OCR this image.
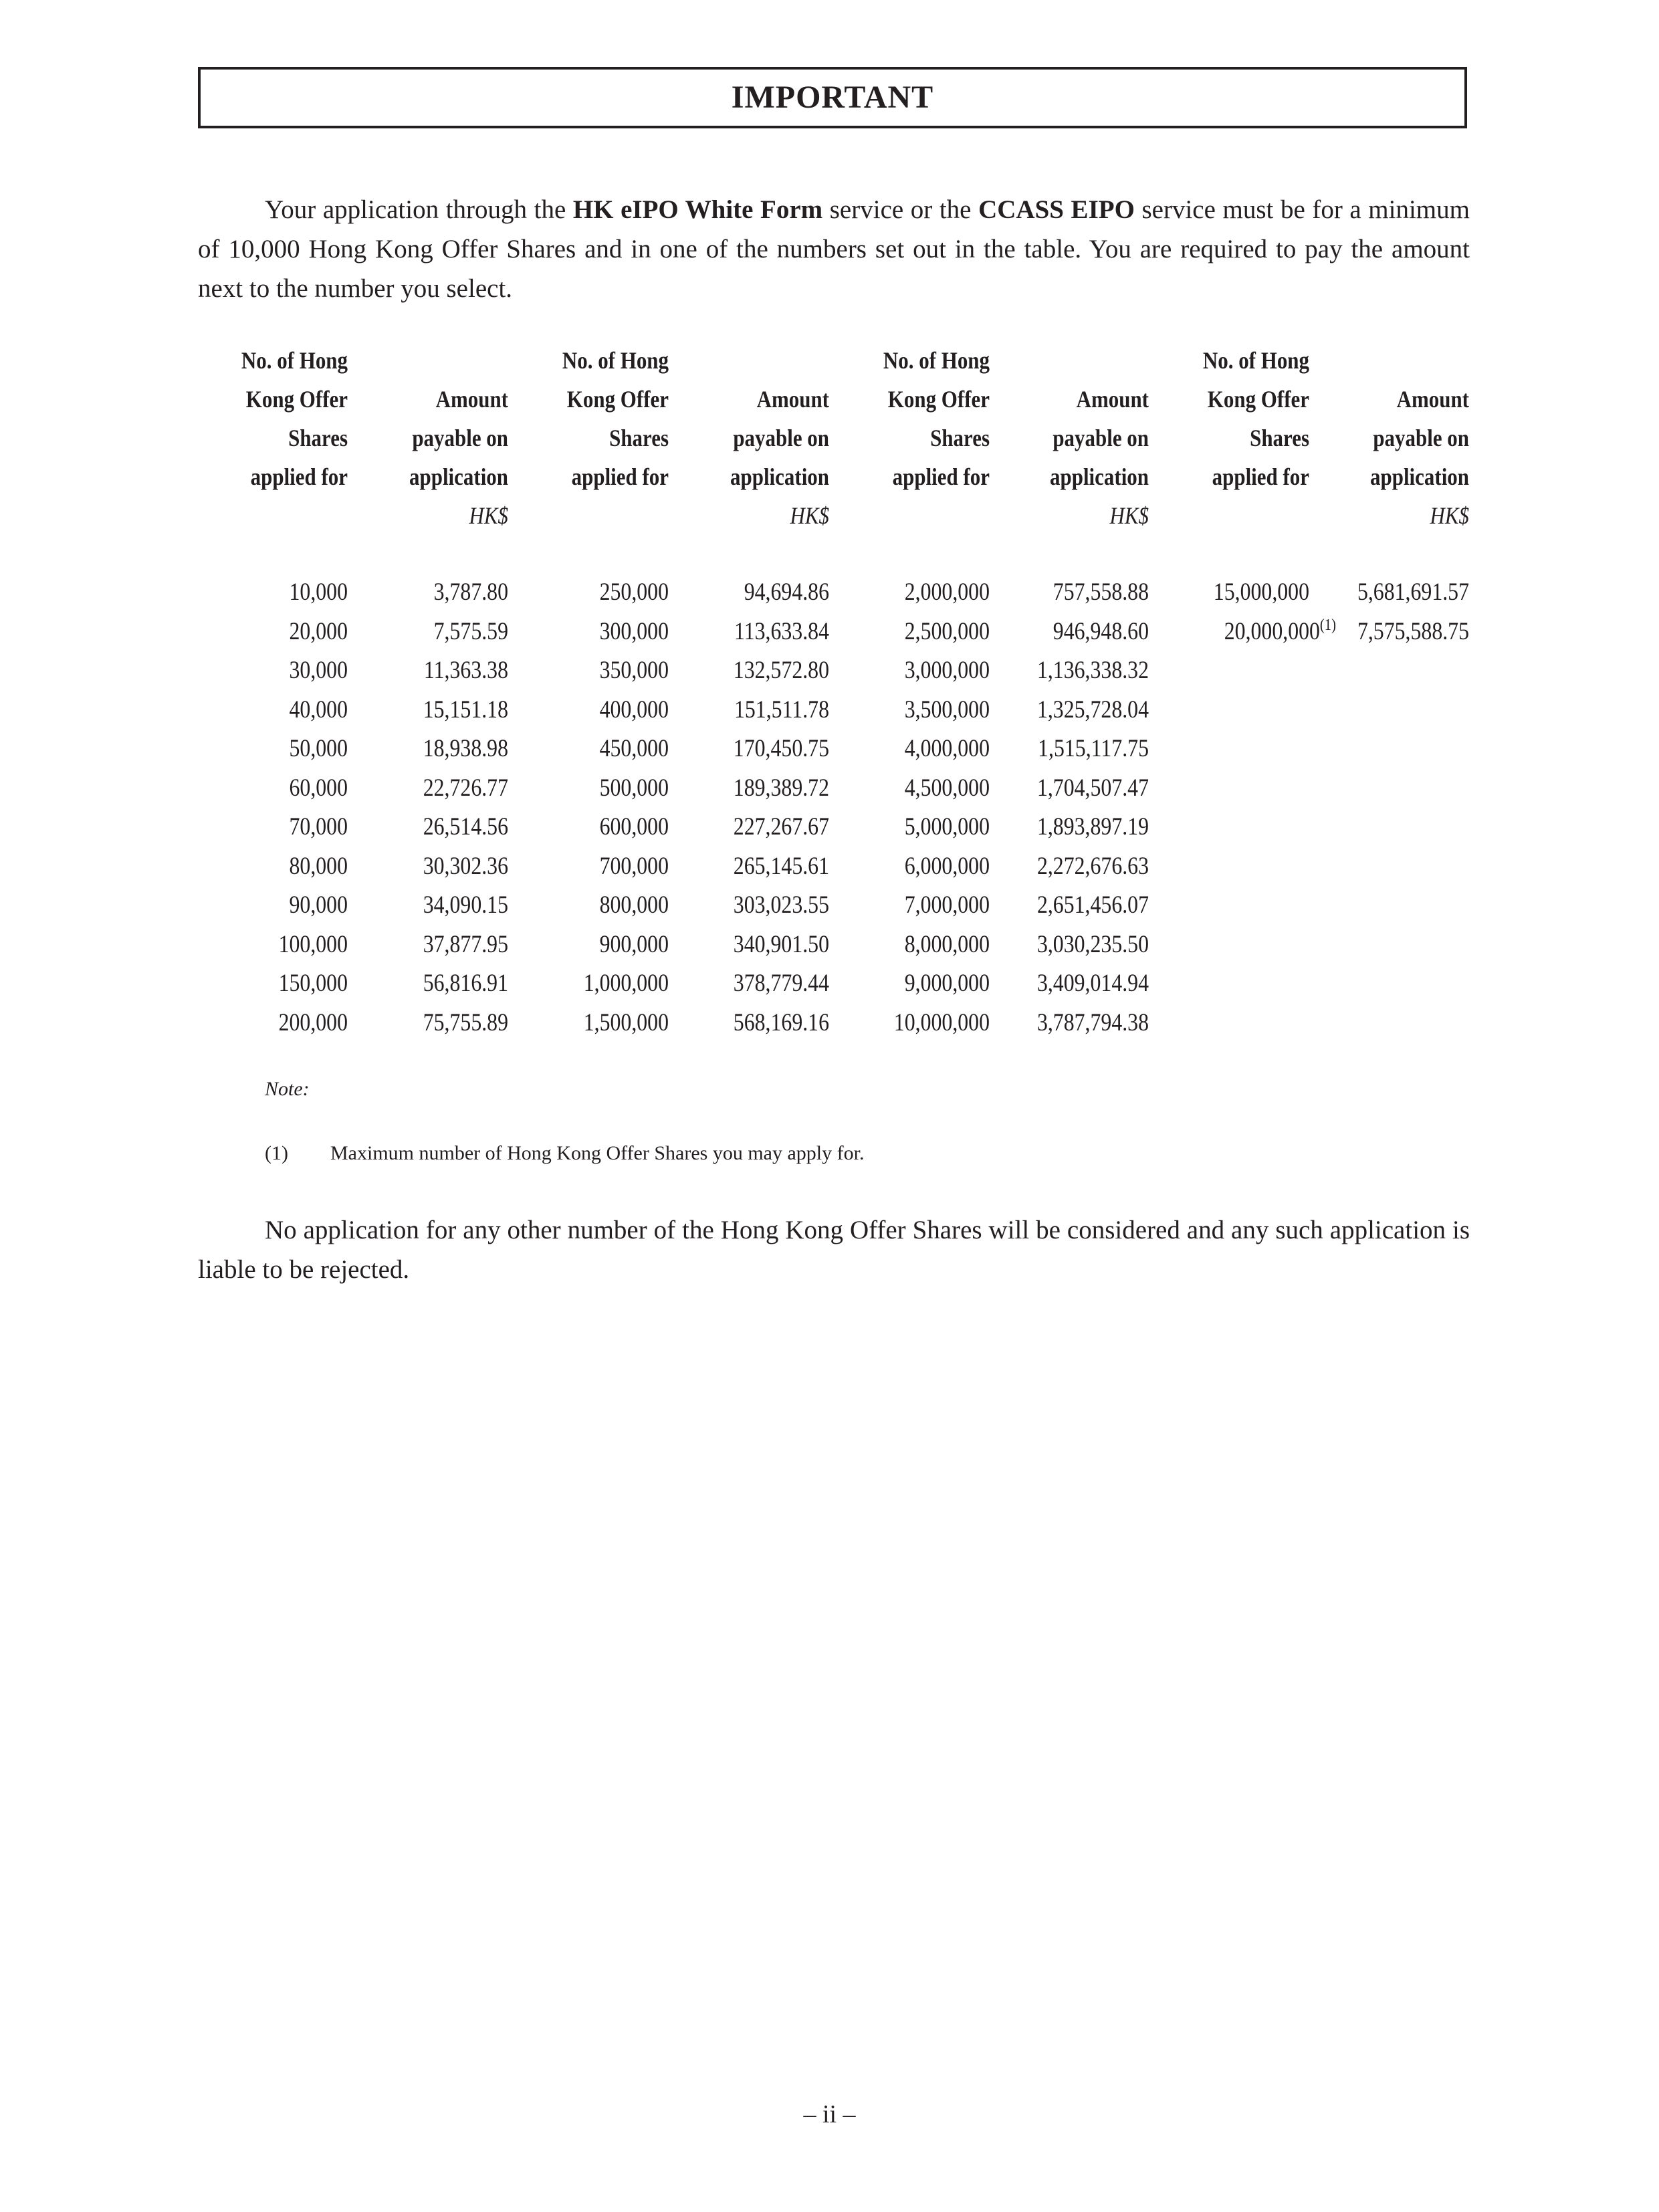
IMPORTANT
Your application through the HK eIPO White Form service or the CCASS EIPO service must be for a minimum of 10,000 Hong Kong Offer Shares and in one of the numbers set out in the table. You are required to pay the amount next to the number you select.
No. of Hong
Kong Offer
Shares
applied for
Amount
payable on
application
HK$
10,000	3,787.80
20,000	7,575.59
30,000	11,363.38
40,000	15,151.18
50,000	18,938.98
60,000	22,726.77
70,000	26,514.56
80,000	30,302.36
90,000	34,090.15
100,000	37,877.95
150,000	56,816.91
200,000	75,755.89
No. of Hong
Kong Offer
Shares
applied for
Amount
payable on
application
HK$
250,000	94,694.86
300,000	113,633.84
350,000	132,572.80
400,000	151,511.78
450,000	170,450.75
500,000	189,389.72
600,000	227,267.67
700,000	265,145.61
800,000	303,023.55
900,000	340,901.50
1,000,000	378,779.44
1,500,000	568,169.16
No. of Hong
Kong Offer
Shares
applied for
Amount
payable on
application
HK$
2,000,000	757,558.88
2,500,000	946,948.60
3,000,000	1,136,338.32
3,500,000	1,325,728.04
4,000,000	1,515,117.75
4,500,000	1,704,507.47
5,000,000	1,893,897.19
6,000,000	2,272,676.63
7,000,000	2,651,456.07
8,000,000	3,030,235.50
9,000,000	3,409,014.94
10,000,000	3,787,794.38
No. of Hong
Kong Offer
Shares
applied for
Amount
payable on
application
HK$
15,000,000	5,681,691.57
20,000,000$^{(1)}$ 7,575,588.75
Note:
(1) Maximum number of Hong Kong Offer Shares you may apply for.
No application for any other number of the Hong Kong Offer Shares will be considered and any such application is liable to be rejected.
– ii –
